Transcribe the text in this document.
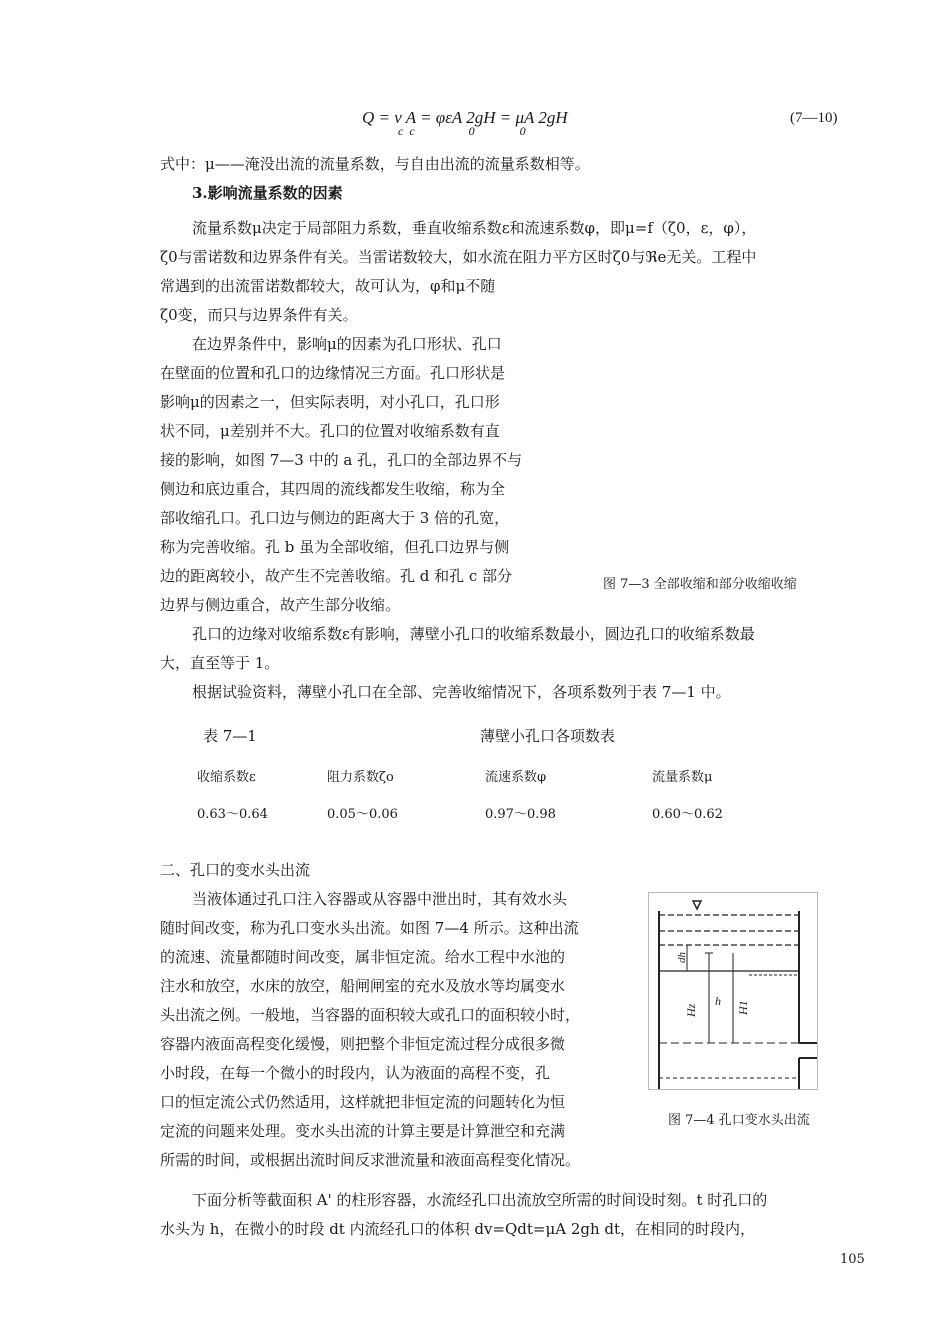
Q = v A = φεA 2gH = μA 2gH
c  c                  0               0
(7—10)
式中：μ——淹没出流的流量系数，与自由出流的流量系数相等。
3.影响流量系数的因素
流量系数μ决定于局部阻力系数，垂直收缩系数ε和流速系数φ，即μ=f（ζ0，ε，φ），
ζ0与雷诺数和边界条件有关。当雷诺数较大，如水流在阻力平方区时ζ0与ℜe无关。工程中
常遇到的出流雷诺数都较大，故可认为，φ和μ不随
ζ0变，而只与边界条件有关。
在边界条件中，影响μ的因素为孔口形状、孔口
在壁面的位置和孔口的边缘情况三方面。孔口形状是
影响μ的因素之一，但实际表明，对小孔口，孔口形
状不同，μ差别并不大。孔口的位置对收缩系数有直
接的影响，如图 7—3 中的 a 孔，孔口的全部边界不与
侧边和底边重合，其四周的流线都发生收缩，称为全
部收缩孔口。孔口边与侧边的距离大于 3 倍的孔宽，
称为完善收缩。孔 b 虽为全部收缩，但孔口边界与侧
边的距离较小，故产生不完善收缩。孔 d 和孔 c 部分
边界与侧边重合，故产生部分收缩。
图 7—3 全部收缩和部分收缩收缩
孔口的边缘对收缩系数ε有影响，薄壁小孔口的收缩系数最小，圆边孔口的收缩系数最
大，直至等于 1。
根据试验资料，薄壁小孔口在全部、完善收缩情况下，各项系数列于表 7—1 中。
表 7—1	薄壁小孔口各项数表
收缩系数ε	阻力系数ζo	流速系数φ	流量系数μ
0.63～0.64	0.05～0.06	0.97～0.98	0.60～0.62
二、孔口的变水头出流
当液体通过孔口注入容器或从容器中泄出时，其有效水头
随时间改变，称为孔口变水头出流。如图 7—4 所示。这种出流
的流速、流量都随时间改变，属非恒定流。给水工程中水池的
注水和放空，水床的放空，船闸闸室的充水及放水等均属变水
头出流之例。一般地，当容器的面积较大或孔口的面积较小时，
容器内液面高程变化缓慢，则把整个非恒定流过程分成很多微
小时段，在每一个微小的时段内，认为液面的高程不变，孔
口的恒定流公式仍然适用，这样就把非恒定流的问题转化为恒
定流的问题来处理。变水头出流的计算主要是计算泄空和充满
所需的时间，或根据出流时间反求泄流量和液面高程变化情况。
下面分析等截面积 A' 的柱形容器，水流经孔口出流放空所需的时间设时刻。t 时孔口的
水头为 h，在微小的时段 dt 内流经孔口的体积 dv=Qdt=μA 2gh dt，在相同的时段内，
dh
Hz
h H1
图 7—4 孔口变水头出流
105
